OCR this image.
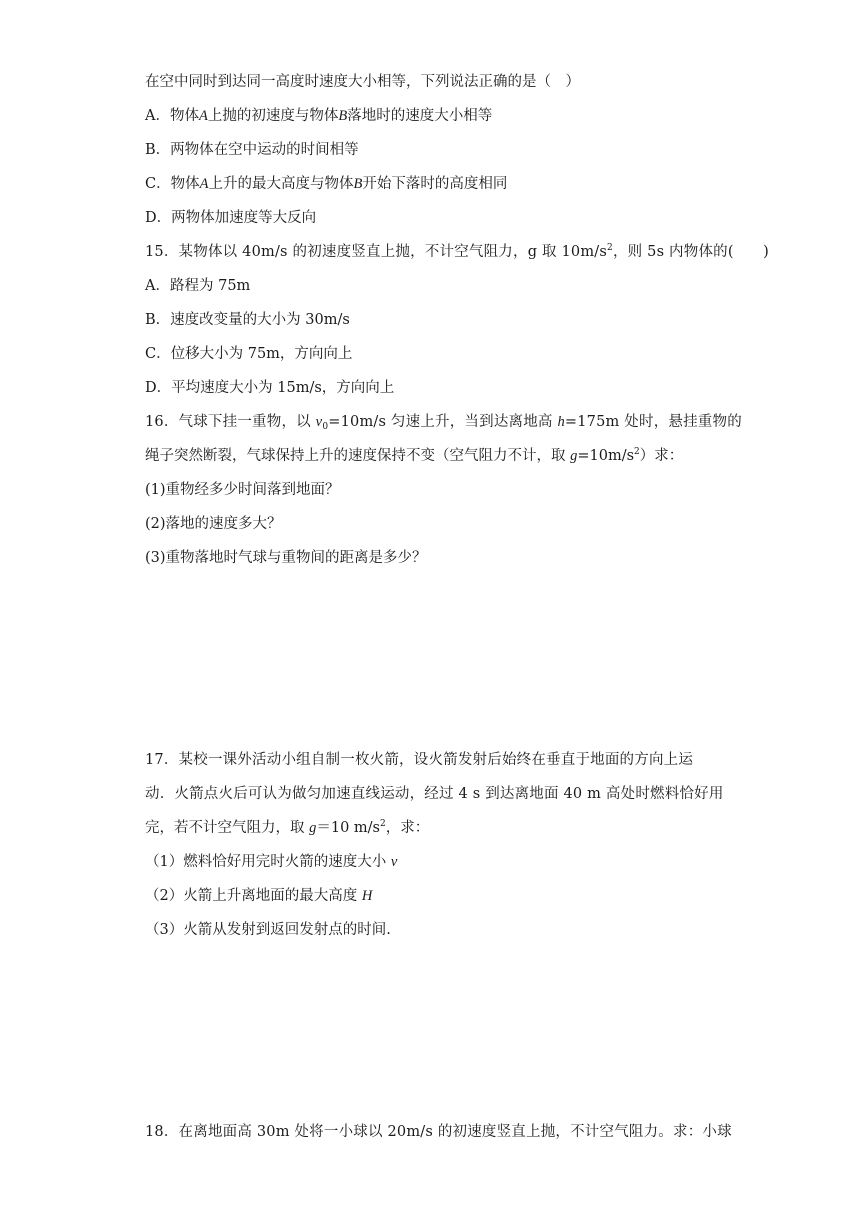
在空中同时到达同一高度时速度大小相等，下列说法正确的是（　）
A．物体A上抛的初速度与物体B落地时的速度大小相等
B．两物体在空中运动的时间相等
C．物体A上升的最大高度与物体B开始下落时的高度相同
D．两物体加速度等大反向
15．某物体以 40m/s 的初速度竖直上抛，不计空气阻力，g 取 $10m/s^2$，则 5s 内物体的(　　)
A．路程为 75m
B．速度改变量的大小为 30m/s
C．位移大小为 75m，方向向上
D．平均速度大小为 15m/s，方向向上
16．气球下挂一重物，以 $v_0=10m/s$ 匀速上升，当到达离地高 h=175m 处时，悬挂重物的
绳子突然断裂，气球保持上升的速度保持不变（空气阻力不计，取 $g=10m/s^2$）求：
(1)重物经多少时间落到地面？
(2)落地的速度多大？
(3)重物落地时气球与重物间的距离是多少？
17．某校一课外活动小组自制一枚火箭，设火箭发射后始终在垂直于地面的方向上运
动．火箭点火后可认为做匀加速直线运动，经过 4 s 到达离地面 40 m 高处时燃料恰好用
完，若不计空气阻力，取 g＝10 $m/s^2$，求：
（1）燃料恰好用完时火箭的速度大小 v
（2）火箭上升离地面的最大高度 H
（3）火箭从发射到返回发射点的时间.
18．在离地面高 30m 处将一小球以 20m/s 的初速度竖直上抛，不计空气阻力。求：小球
